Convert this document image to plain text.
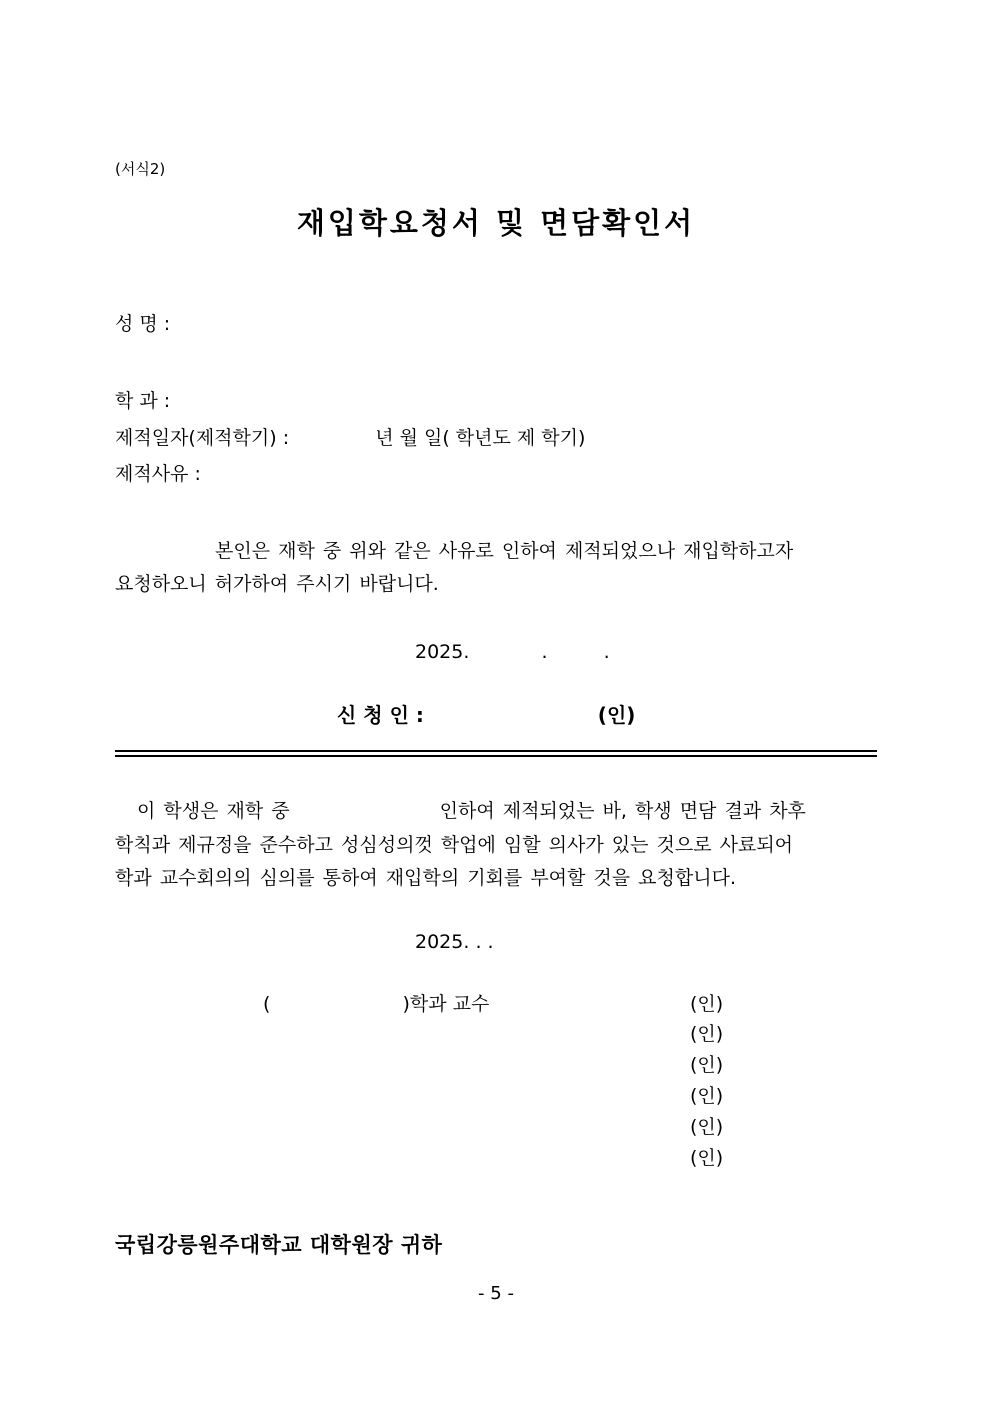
(서식2)
재입학요청서 및 면담확인서
성 명 :
학 과 :
제적일자(제적학기) :	년 월 일( 학년도 제 학기)
제적사유 :
본인은 재학 중 위와 같은 사유로 인하여 제적되었으나 재입학하고자
요청하오니 허가하여 주시기 바랍니다.
2025.	.	.
신 청 인 :	(인)
이 학생은 재학 중	인하여 제적되었는 바, 학생 면담 결과 차후
학칙과 제규정을 준수하고 성심성의껏 학업에 임할 의사가 있는 것으로 사료되어
학과 교수회의의 심의를 통하여 재입학의 기회를 부여할 것을 요청합니다.
2025. . .
(	)학과 교수	(인)
(인)
(인)
(인)
(인)
(인)
국립강릉원주대학교 대학원장 귀하
- 5 -
